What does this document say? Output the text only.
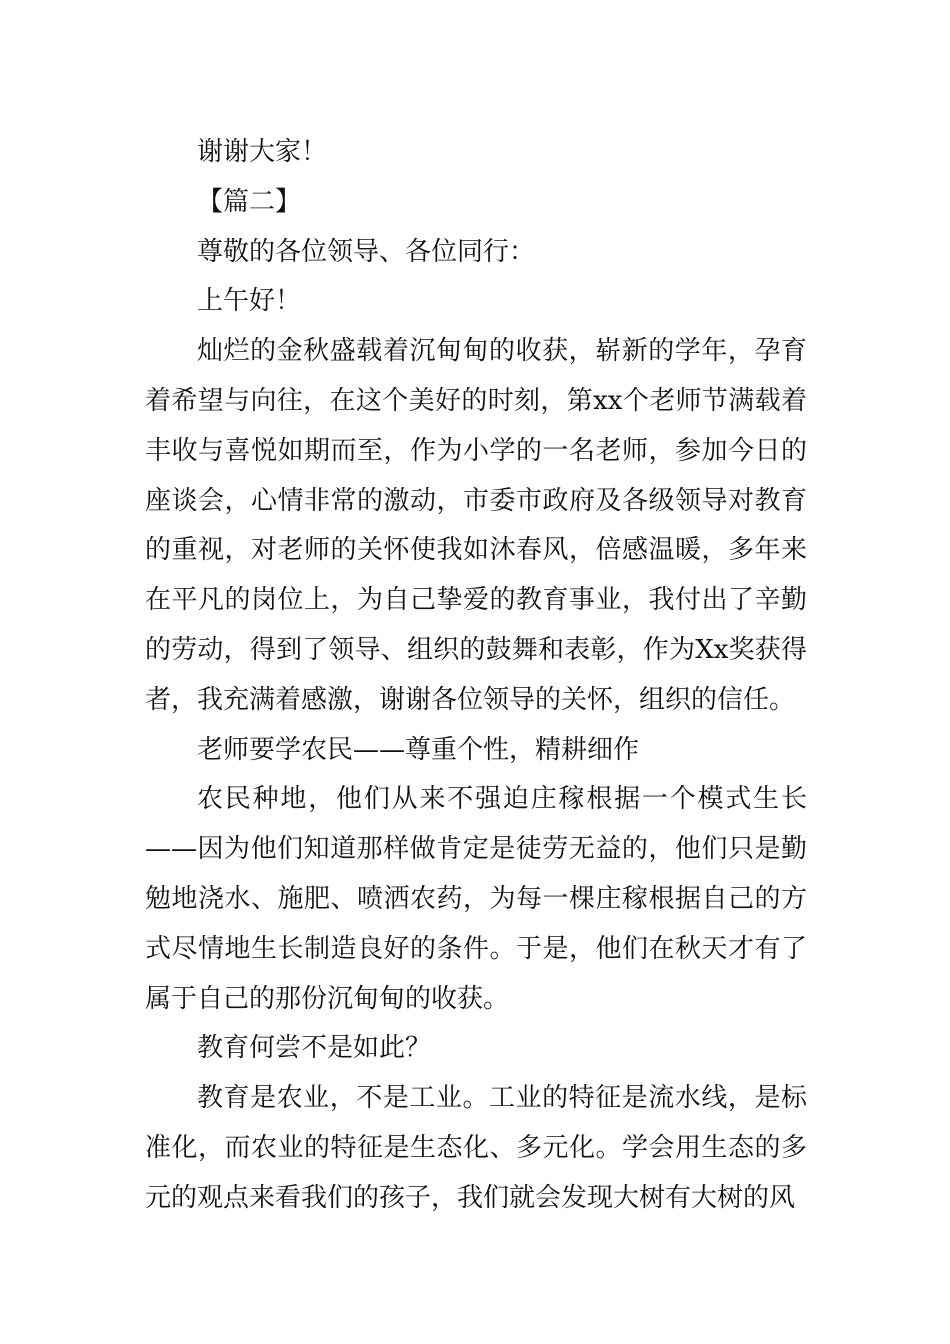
谢谢大家！

【篇二】

尊敬的各位领导、各位同行：

上午好！

灿烂的金秋盛载着沉甸甸的收获，崭新的学年，孕育着希望与向往，在这个美好的时刻，第xx个老师节满载着丰收与喜悦如期而至，作为小学的一名老师，参加今日的座谈会，心情非常的激动，市委市政府及各级领导对教育的重视，对老师的关怀使我如沐春风，倍感温暖，多年来在平凡的岗位上，为自己挚爱的教育事业，我付出了辛勤的劳动，得到了领导、组织的鼓舞和表彰，作为Xx奖获得者，我充满着感激，谢谢各位领导的关怀，组织的信任。

老师要学农民——尊重个性，精耕细作

农民种地，他们从来不强迫庄稼根据一个模式生长 ——因为他们知道那样做肯定是徒劳无益的，他们只是勤勉地浇水、施肥、喷洒农药，为每一棵庄稼根据自己的方式尽情地生长制造良好的条件。于是，他们在秋天才有了属于自己的那份沉甸甸的收获。

教育何尝不是如此？

教育是农业，不是工业。工业的特征是流水线，是标准化，而农业的特征是生态化、多元化。学会用生态的多元的观点来看我们的孩子，我们就会发现大树有大树的风
